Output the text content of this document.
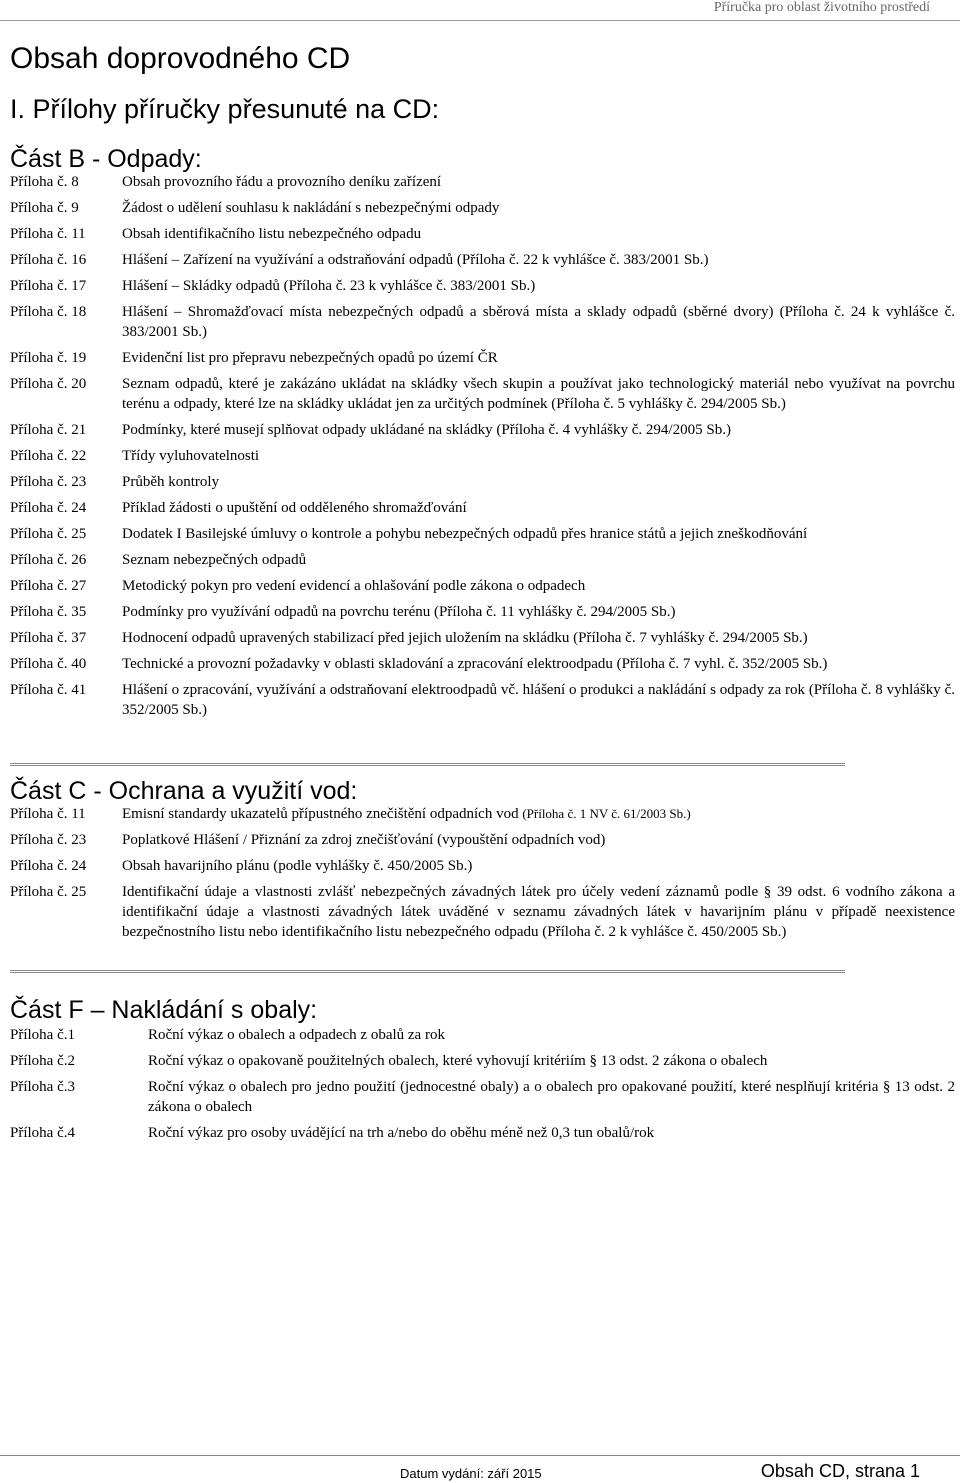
Příručka pro oblast životního prostředí
Obsah doprovodného CD
I. Přílohy příručky přesunuté na CD:
Část B - Odpady:
Příloha č. 8	Obsah provozního řádu a provozního deníku zařízení
Příloha č. 9	Žádost o udělení souhlasu k nakládání s nebezpečnými odpady
Příloha č. 11	Obsah identifikačního listu nebezpečného odpadu
Příloha č. 16	Hlášení – Zařízení na využívání a odstraňování odpadů (Příloha č. 22 k vyhlášce č. 383/2001 Sb.)
Příloha č. 17	Hlášení – Skládky odpadů (Příloha č. 23 k vyhlášce č. 383/2001 Sb.)
Příloha č. 18	Hlášení – Shromažďovací místa nebezpečných odpadů a sběrová místa a sklady odpadů (sběrné dvory) (Příloha č. 24 k vyhlášce č. 383/2001 Sb.)
Příloha č. 19	Evidenční list pro přepravu nebezpečných opadů po území ČR
Příloha č. 20	Seznam odpadů, které je zakázáno ukládat na skládky všech skupin a používat jako technologický materiál nebo využívat na povrchu terénu a odpady, které lze na skládky ukládat jen za určitých podmínek (Příloha č. 5 vyhlášky č. 294/2005 Sb.)
Příloha č. 21	Podmínky, které musejí splňovat odpady ukládané na skládky (Příloha č. 4 vyhlášky č. 294/2005 Sb.)
Příloha č. 22	Třídy vyluhovatelnosti
Příloha č. 23	Průběh kontroly
Příloha č. 24	Příklad žádosti o upuštění od odděleného shromažďování
Příloha č. 25	Dodatek I Basilejské úmluvy o kontrole a pohybu nebezpečných odpadů přes hranice států a jejich zneškodňování
Příloha č. 26	Seznam nebezpečných odpadů
Příloha č. 27	Metodický pokyn pro vedení evidencí a ohlašování podle zákona o odpadech
Příloha č. 35	Podmínky pro využívání odpadů na povrchu terénu (Příloha č. 11 vyhlášky č. 294/2005 Sb.)
Příloha č. 37	Hodnocení odpadů upravených stabilizací před jejich uložením na skládku (Příloha č. 7 vyhlášky č. 294/2005 Sb.)
Příloha č. 40	Technické a provozní požadavky v oblasti skladování a zpracování elektroodpadu (Příloha č. 7 vyhl. č. 352/2005 Sb.)
Příloha č. 41	Hlášení o zpracování, využívání a odstraňovaní elektroodpadů vč. hlášení o produkci a nakládání s odpady za rok (Příloha č. 8 vyhlášky č. 352/2005 Sb.)
Část C - Ochrana a využití vod:
Příloha č. 11	Emisní standardy ukazatelů přípustného znečištění odpadních vod (Příloha č. 1 NV č. 61/2003 Sb.)
Příloha č. 23	Poplatkové Hlášení / Přiznání za zdroj znečišťování (vypouštění odpadních vod)
Příloha č. 24	Obsah havarijního plánu (podle vyhlášky č. 450/2005 Sb.)
Příloha č. 25	Identifikační údaje a vlastnosti zvlášť nebezpečných závadných látek pro účely vedení záznamů podle § 39 odst. 6 vodního zákona a identifikační údaje a vlastnosti závadných látek uváděné v seznamu závadných látek v havarijním plánu v případě neexistence bezpečnostního listu nebo identifikačního listu nebezpečného odpadu (Příloha č. 2 k vyhlášce č. 450/2005 Sb.)
Část F – Nakládání s obaly:
Příloha č.1	Roční výkaz o obalech a odpadech z obalů za rok
Příloha č.2	Roční výkaz o opakovaně použitelných obalech, které vyhovují kritériím § 13 odst. 2 zákona o obalech
Příloha č.3	Roční výkaz o obalech pro jedno použití (jednocestné obaly) a o obalech pro opakované použití, které nesplňují kritéria § 13 odst. 2 zákona o obalech
Příloha č.4	Roční výkaz pro osoby uvádějící na trh a/nebo do oběhu méně než 0,3 tun obalů/rok
Datum vydání: září 2015	Obsah CD, strana 1
